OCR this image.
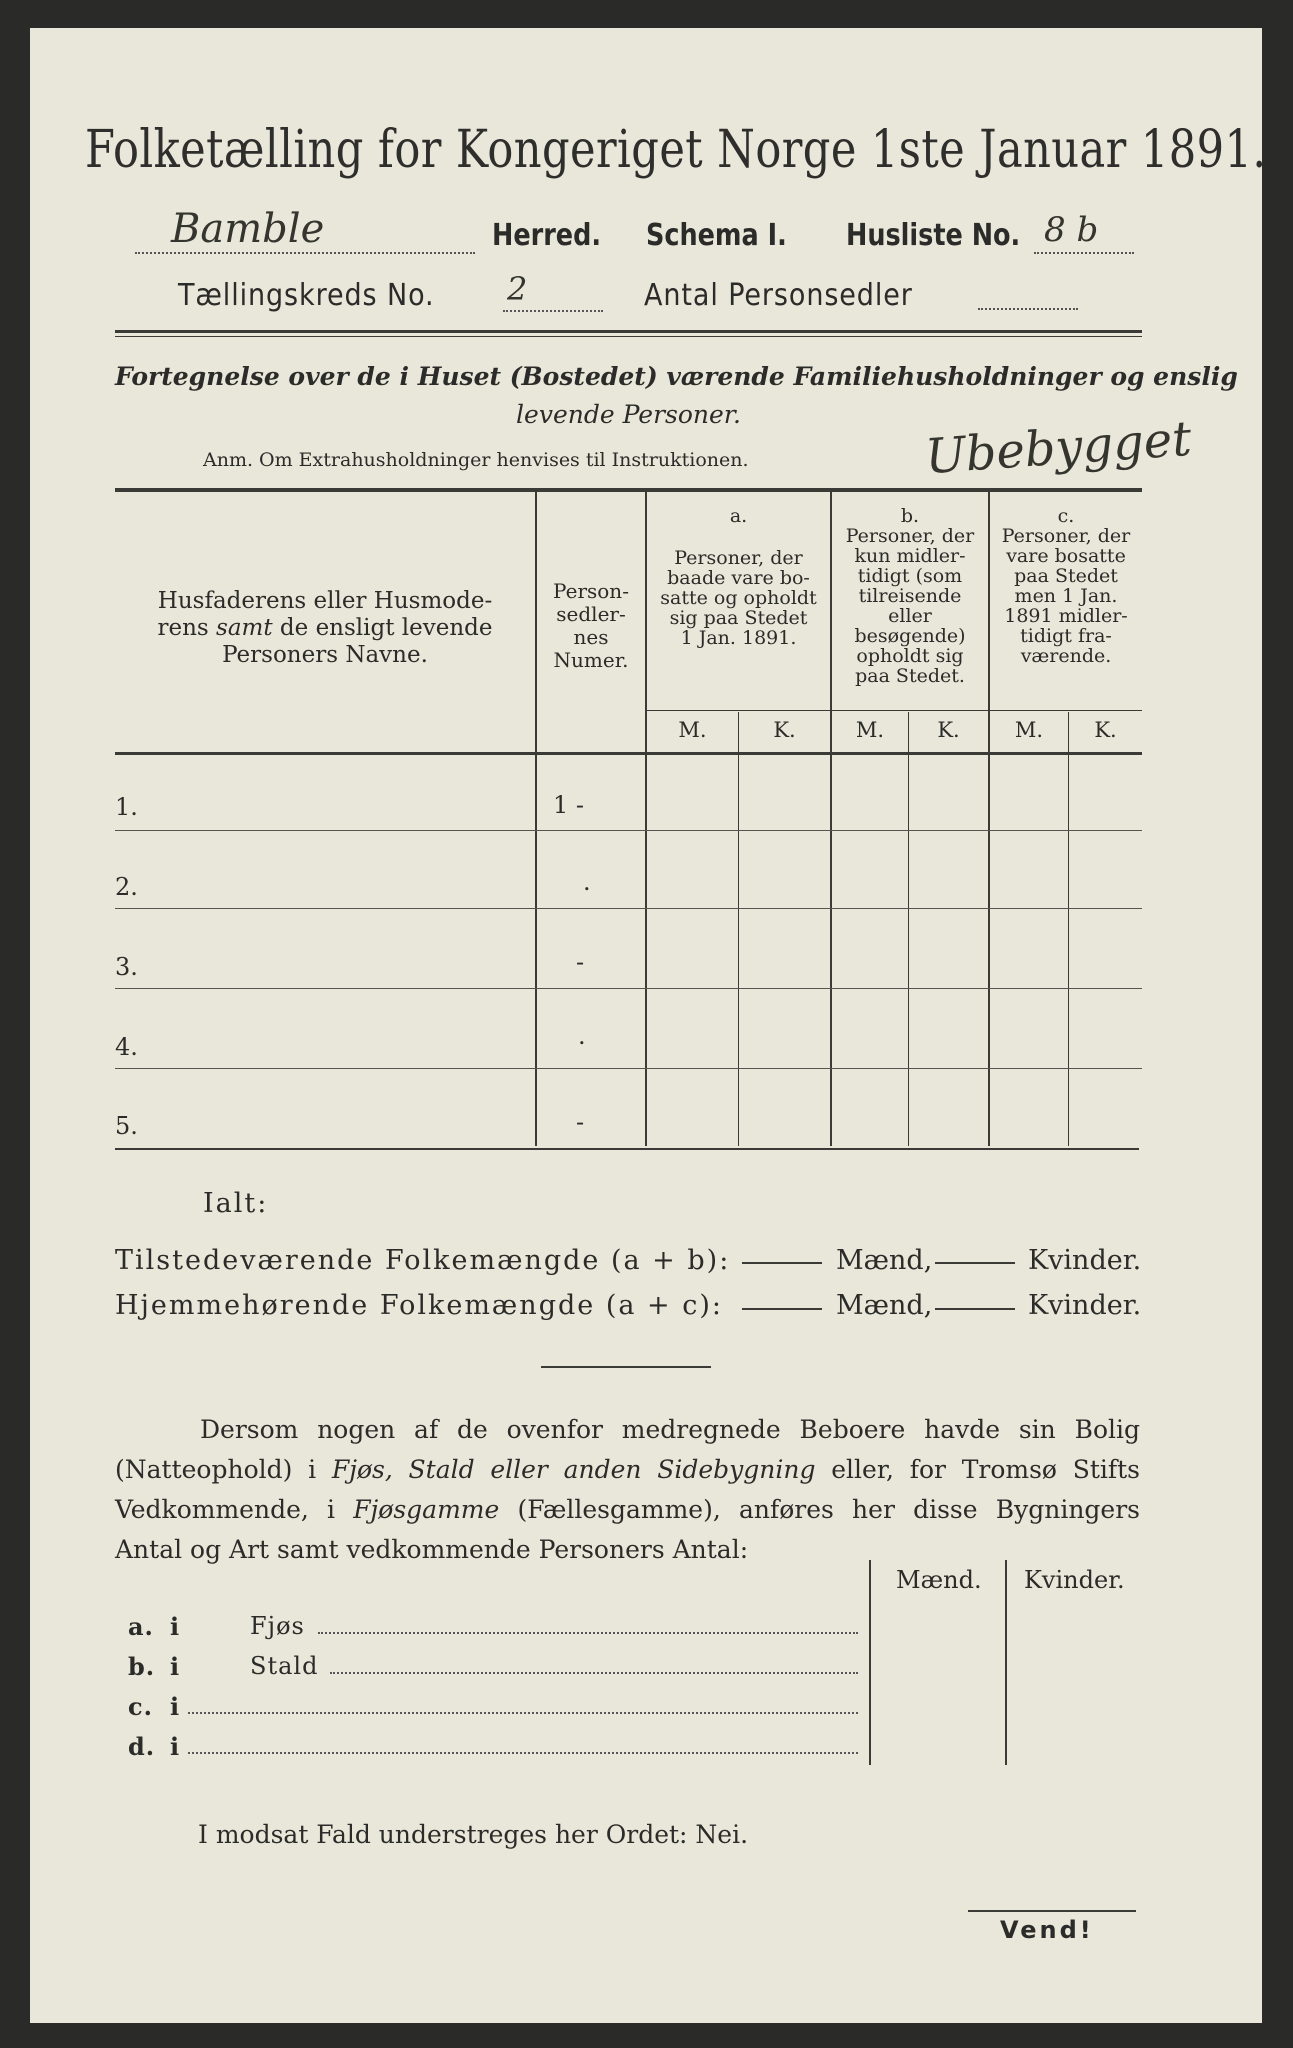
Folketælling for Kongeriget Norge 1ste Januar 1891.
Bamble	Herred. Schema I. Husliste No. 8 b
Tællingskreds No. 2	Antal Personsedler
Fortegnelse over de i Huset (Bostedet) værende Familiehusholdninger og enslig
levende Personer.
Anm. Om Extrahusholdninger henvises til Instruktionen.	Ubebygget
Husfaderens eller Husmode-
rens samt de ensligt levende
Personers Navne.
Person-
sedler-
nes
Numer.
a.
Personer, der
baade vare bo-
satte og opholdt
sig paa Stedet
1 Jan. 1891.
b.
Personer, der
kun midler-
tidigt (som
tilreisende
eller
besøgende)
opholdt sig
paa Stedet.
c.
Personer, der
vare bosatte
paa Stedet
men 1 Jan.
1891 midler-
tidigt fra-
værende.
M.	K.	M.	K.	M.	K.
1.	1 -
2.	.
3.	-
4.	.
5.	-
Ialt:
Tilstedeværende Folkemængde (a + b):	Mænd,	Kvinder.
Hjemmehørende Folkemængde (a + c):	Mænd,	Kvinder.
Dersom nogen af de ovenfor medregnede Beboere havde sin Bolig (Natteophold) i Fjøs, Stald eller anden Sidebygning eller, for Tromsø Stifts Vedkommende, i Fjøsgamme (Fællesgamme), anføres her disse Bygningers Antal og Art samt vedkommende Personers Antal:
Mænd. Kvinder.
a. i	Fjøs
b. i	Stald
c. i
d. i
I modsat Fald understreges her Ordet: Nei.
Vend!
